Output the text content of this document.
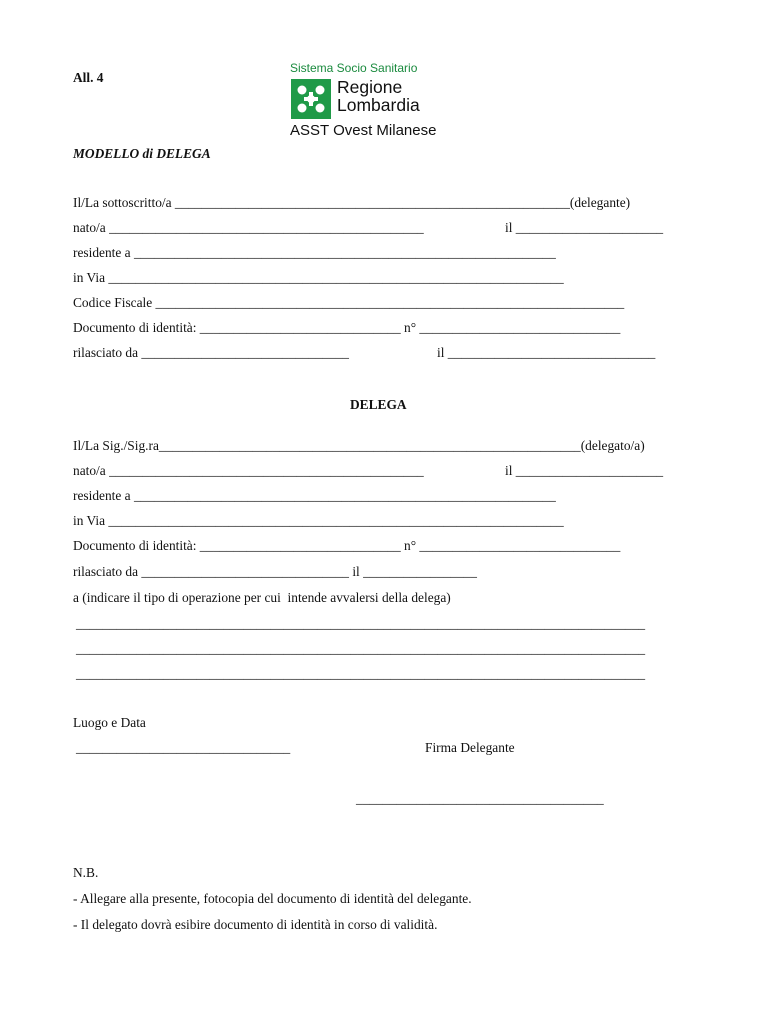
All. 4
Sistema Socio Sanitario
Regione
Lombardia
ASST Ovest Milanese
MODELLO di DELEGA
Il/La sottoscritto/a ___________________________________________________________(delegante)
nato/a _______________________________________________	il ______________________
residente a _______________________________________________________________
in Via ____________________________________________________________________
Codice Fiscale ______________________________________________________________________
Documento di identità: ______________________________ n° ______________________________
rilasciato da _______________________________	il _______________________________
DELEGA
Il/La Sig./Sig.ra_______________________________________________________________(delegato/a)
nato/a _______________________________________________	il ______________________
residente a _______________________________________________________________
in Via ____________________________________________________________________
Documento di identità: ______________________________ n° ______________________________
rilasciato da _______________________________ il _________________
a (indicare il tipo di operazione per cui  intende avvalersi della delega)
_____________________________________________________________________________________
_____________________________________________________________________________________
_____________________________________________________________________________________
Luogo e Data
________________________________	Firma Delegante
_____________________________________
N.B.
- Allegare alla presente, fotocopia del documento di identità del delegante.
- Il delegato dovrà esibire documento di identità in corso di validità.
